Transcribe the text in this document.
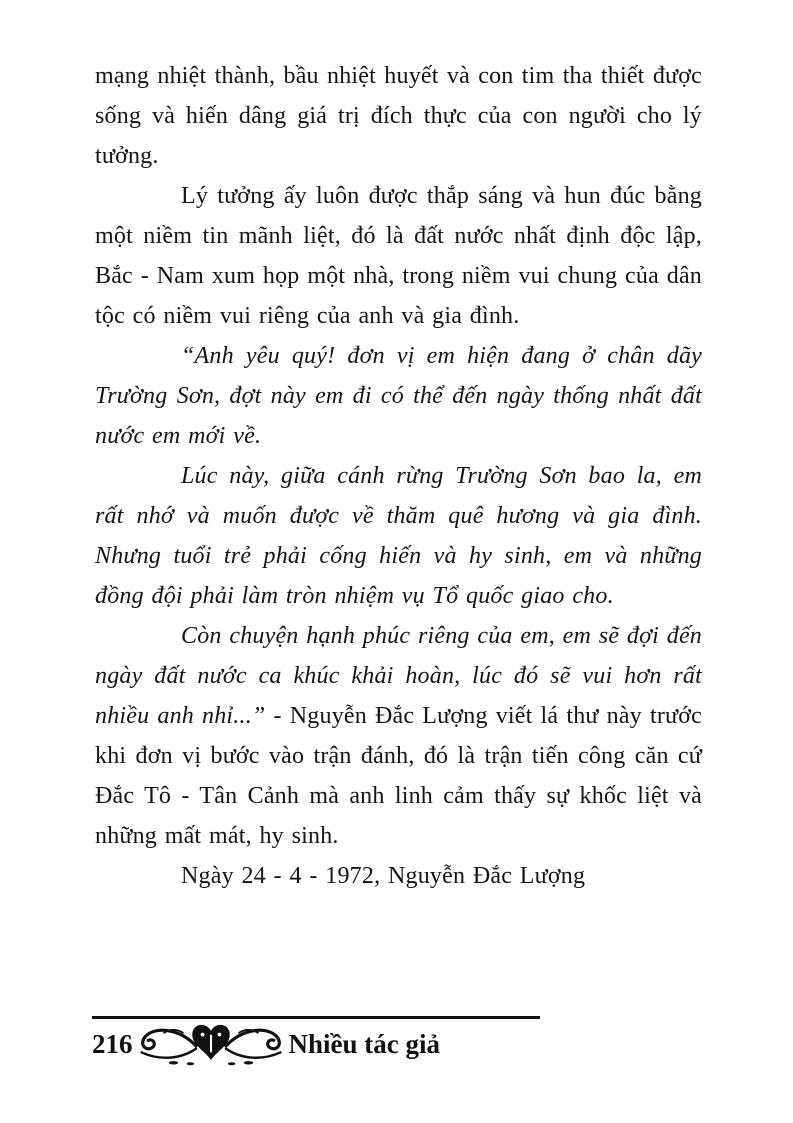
mạng nhiệt thành, bầu nhiệt huyết và con tim tha thiết được sống và hiến dâng giá trị đích thực của con người cho lý tưởng.

Lý tưởng ấy luôn được thắp sáng và hun đúc bằng một niềm tin mãnh liệt, đó là đất nước nhất định độc lập, Bắc - Nam xum họp một nhà, trong niềm vui chung của dân tộc có niềm vui riêng của anh và gia đình.

“Anh yêu quý! đơn vị em hiện đang ở chân dãy Trường Sơn, đợt này em đi có thể đến ngày thống nhất đất nước em mới về.

Lúc này, giữa cánh rừng Trường Sơn bao la, em rất nhớ và muốn được về thăm quê hương và gia đình. Nhưng tuổi trẻ phải cống hiến và hy sinh, em và những đồng đội phải làm tròn nhiệm vụ Tổ quốc giao cho.

Còn chuyện hạnh phúc riêng của em, em sẽ đợi đến ngày đất nước ca khúc khải hoàn, lúc đó sẽ vui hơn rất nhiều anh nhỉ...” - Nguyễn Đắc Lượng viết lá thư này trước khi đơn vị bước vào trận đánh, đó là trận tiến công căn cứ Đắc Tô - Tân Cảnh mà anh linh cảm thấy sự khốc liệt và những mất mát, hy sinh.

Ngày 24 - 4 - 1972, Nguyễn Đắc Lượng

216	Nhiều tác giả
